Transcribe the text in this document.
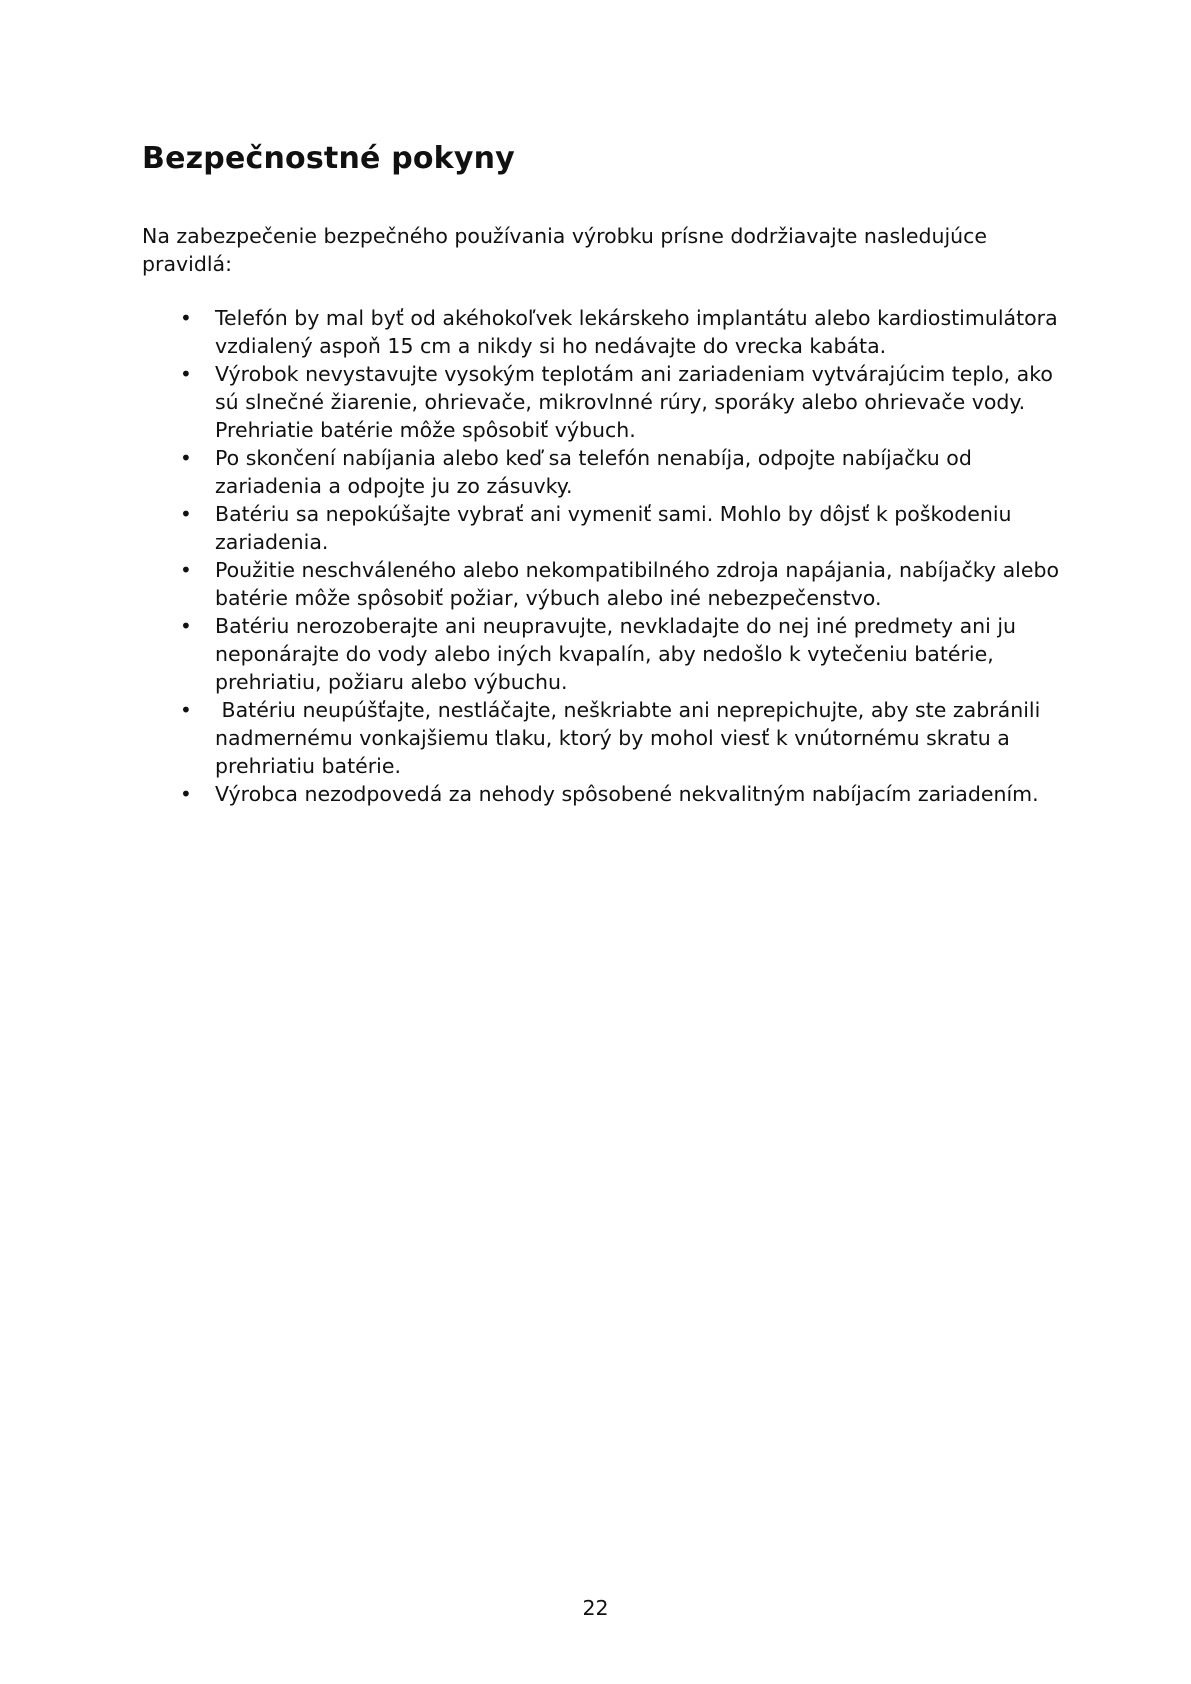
Bezpečnostné pokyny

Na zabezpečenie bezpečného používania výrobku prísne dodržiavajte nasledujúce pravidlá:

• Telefón by mal byť od akéhokoľvek lekárskeho implantátu alebo kardiostimulátora vzdialený aspoň 15 cm a nikdy si ho nedávajte do vrecka kabáta.
• Výrobok nevystavujte vysokým teplotám ani zariadeniam vytvárajúcim teplo, ako sú slnečné žiarenie, ohrievače, mikrovlnné rúry, sporáky alebo ohrievače vody. Prehriatie batérie môže spôsobiť výbuch.
• Po skončení nabíjania alebo keď sa telefón nenabíja, odpojte nabíjačku od zariadenia a odpojte ju zo zásuvky.
• Batériu sa nepokúšajte vybrať ani vymeniť sami. Mohlo by dôjsť k poškodeniu zariadenia.
• Použitie neschváleného alebo nekompatibilného zdroja napájania, nabíjačky alebo batérie môže spôsobiť požiar, výbuch alebo iné nebezpečenstvo.
• Batériu nerozoberajte ani neupravujte, nevkladajte do nej iné predmety ani ju neponárajte do vody alebo iných kvapalín, aby nedošlo k vytečeniu batérie, prehriatiu, požiaru alebo výbuchu.
• Batériu neupúšťajte, nestláčajte, neškriabte ani neprepichujte, aby ste zabránili nadmernému vonkajšiemu tlaku, ktorý by mohol viesť k vnútornému skratu a prehriatiu batérie.
• Výrobca nezodpovedá za nehody spôsobené nekvalitným nabíjacím zariadením.
22
